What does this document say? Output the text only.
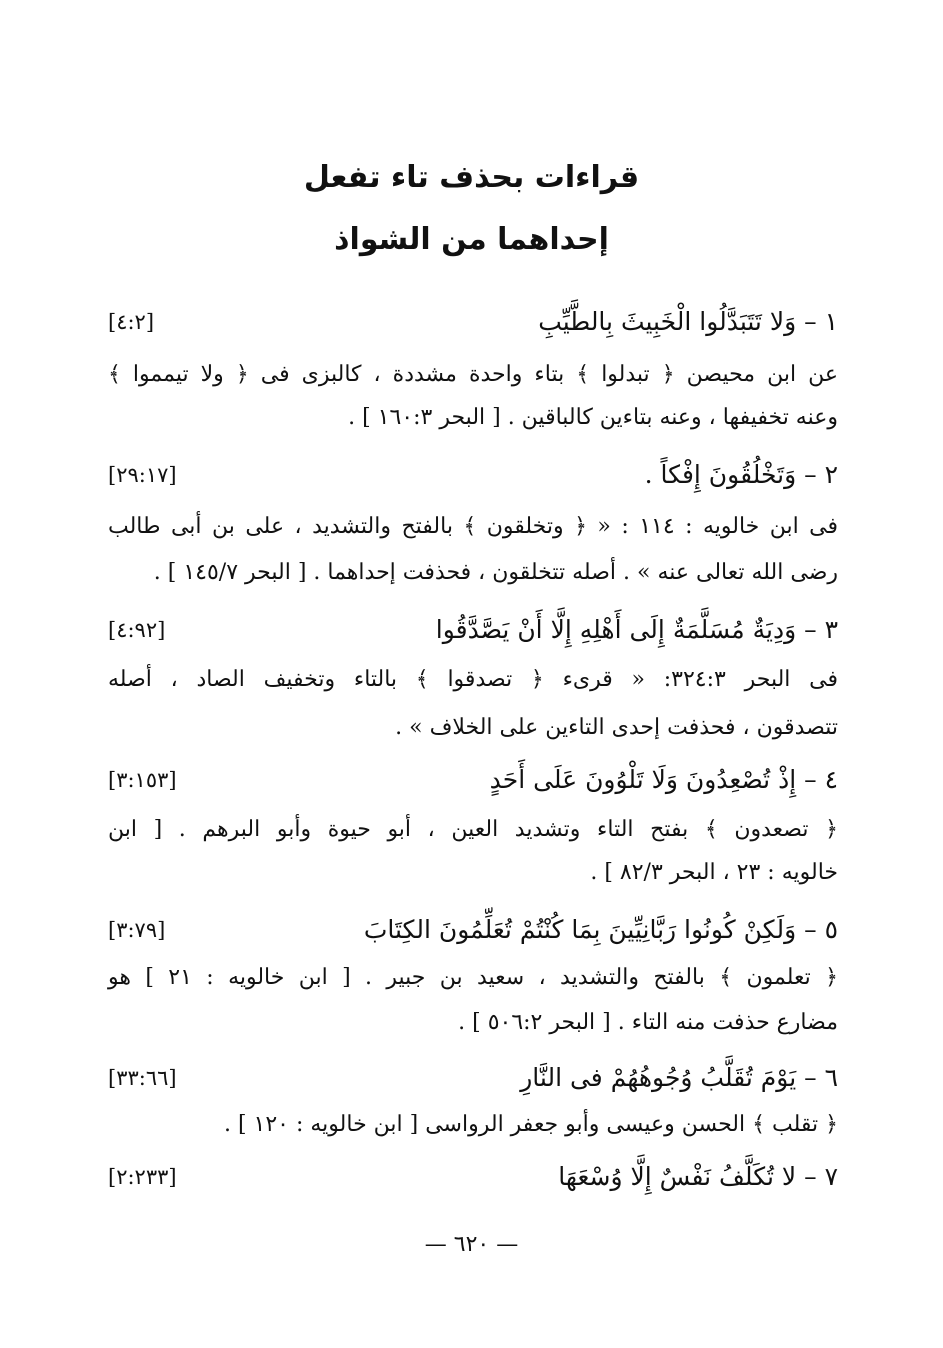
قراءات بحذف تاء تفعل
إحداهما من الشواذ
١ – وَلا تَتَبَدَّلُوا الْخَبِيثَ بِالطَّيِّبِ
[٤:٢]
عن ابن محيصن ﴿ تبدلوا ﴾ بتاء واحدة مشددة ، كالبزى فى ﴿ ولا تيمموا ﴾
وعنه تخفيفها ، وعنه بتاءين كالباقين . [ البحر ١٦٠:٣ ] .
٢ – وَتَخْلُقُونَ إِفْكاً .
[٢٩:١٧]
فى ابن خالويه : ١١٤ : « ﴿ وتخلقون ﴾ بالفتح والتشديد ، على بن أبى طالب
رضى الله تعالى عنه » . أصله تتخلقون ، فحذفت إحداهما . [ البحر ١٤٥/٧ ] .
٣ – وَدِيَةٌ مُسَلَّمَةٌ إِلَى أَهْلِهِ إِلَّا أَنْ يَصَّدَّقُوا
[٤:٩٢]
فى البحر ٣٢٤:٣: « قرىء ﴿ تصدقوا ﴾ بالتاء وتخفيف الصاد ، أصله
تتصدقون ، فحذفت إحدى التاءين على الخلاف » .
٤ – إِذْ تُصْعِدُونَ وَلَا تَلْوُونَ عَلَى أَحَدٍ
[٣:١٥٣]
﴿ تصعدون ﴾ بفتح التاء وتشديد العين ، أبو حيوة وأبو البرهم . [ ابن
خالويه : ٢٣ ، البحر ٨٢/٣ ] .
٥ – وَلَكِنْ كُونُوا رَبَّانِيِّينَ بِمَا كُنْتُمْ تُعَلِّمُونَ الكِتَابَ
[٣:٧٩]
﴿ تعلمون ﴾ بالفتح والتشديد ، سعيد بن جبير . [ ابن خالويه : ٢١ ] هو
مضارع حذفت منه التاء . [ البحر ٥٠٦:٢ ] .
٦ – يَوْمَ تُقَلَّبُ وُجُوهُهُمْ فى النَّارِ
[٣٣:٦٦]
﴿ تقلب ﴾ الحسن وعيسى وأبو جعفر الرواسى [ ابن خالويه : ١٢٠ ] .
٧ – لا تُكَلَّفُ نَفْسٌ إِلَّا وُسْعَهَا
[٢:٢٣٣]
— ٦٢٠ —
